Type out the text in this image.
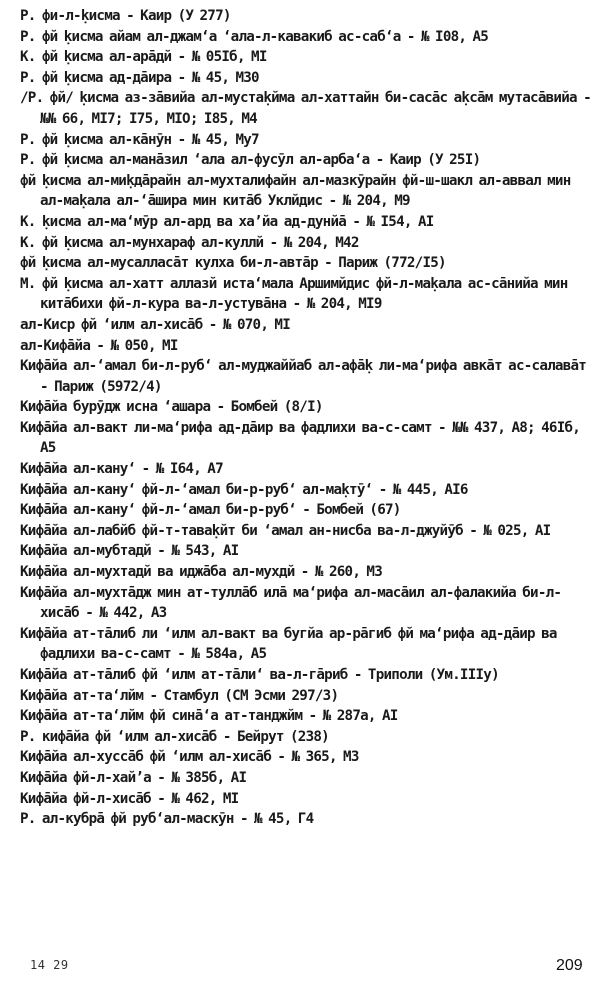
Р. фи-л-ḳисма - Каир (У 277)

Р. фй ḳисма айам ал-джам‘а ‘ала-л-кавакиб ас-саб‘а - № I08, А5

К. фй ḳисма ал-арāдй - № 05Iб, МI

Р. фй ḳисма ад-дāира - № 45, М30

/Р. фй/ ḳисма аз-зāвийа ал-мустаḳйма ал-хаттайн би-сасāс аḳсāм мутасāвийа - №№ 66, МI7; I75, МIО; I85, М4

Р. фй ḳисма ал-кāнӯн - № 45, Му7

Р. фй ḳисма ал-манāзил ‘ала ал-фусӯл ал-арба‘а - Каир (У 25I)

фй ḳисма ал-миḳдāрайн ал-мухталифайн ал-мазкӯрайн фй-ш-шакл ал-аввал мин ал-маḳала ал-‘āшира мин китāб Уклйдис - № 204, М9

К. ḳисма ал-ма‘мӯр ал-ард ва ха’йа ад-дунйā - № I54, АI

К. фй ḳисма ал-мунхараф ал-куллй - № 204, М42

фй ḳисма ал-мусалласāт кулха би-л-автāр - Париж (772/I5)

М. фй ḳисма ал-хатт аллазй иста‘мала Аршимйдис фй-л-маḳала ас-сāнийа мин китāбихи фй-л-кура ва-л-устувāна - № 204, МI9

ал-Киср фй ‘илм ал-хисāб - № 070, МI

ал-Кифāйа - № 050, МI

Кифāйа ал-‘амал би-л-руб‘ ал-муджаййаб ал-афāḳ ли-ма‘рифа авкāт ас-салавāт - Париж (5972/4)

Кифāйа бурӯдж исна ‘ашара - Бомбей (8/I)

Кифāйа ал-вакт ли-ма‘рифа ад-дāир ва фадлихи ва-с-самт - №№ 437, А8; 46Iб, А5

Кифāйа ал-кану‘ - № I64, А7

Кифāйа ал-кану‘ фй-л-‘амал би-р-руб‘ ал-маḳтӯ‘ - № 445, АI6

Кифāйа ал-кану‘ фй-л-‘амал би-р-руб‘ - Бомбей (67)

Кифāйа ал-лабйб фй-т-таваḳйт би ‘амал ан-нисба ва-л-джуйӯб - № 025, АI

Кифāйа ал-мубтадй - № 543, АI

Кифāйа ал-мухтадй ва иджāба ал-мухдй - № 260, М3

Кифāйа ал-мухтāдж мин ат-туллāб илā ма‘рифа ал-масāил ал-фалакийа би-л-хисāб - № 442, А3

Кифāйа ат-тāлиб ли ‘илм ал-вакт ва бугйа ар-рāгиб фй ма‘рифа ад-дāир ва фадлихи ва-с-самт - № 584а, А5

Кифāйа ат-тāлиб фй ‘илм ат-тāли‘ ва-л-гāриб - Триполи (Ум.IIIу)

Кифāйа ат-та‘лйм - Стамбул (СМ Эсми 297/3)

Кифāйа ат-та‘лйм фй синā‘а ат-танджйм - № 287а, АI

Р. кифāйа фй ‘илм ал-хисāб - Бейрут (238)

Кифāйа ал-хуссāб фй ‘илм ал-хисāб - № 365, М3

Кифāйа фй-л-хай’а - № 385б, АI

Кифāйа фй-л-хисāб - № 462, МI

Р. ал-кубрā фй руб‘ал-маскӯн - № 45, Г4

14 29	209
